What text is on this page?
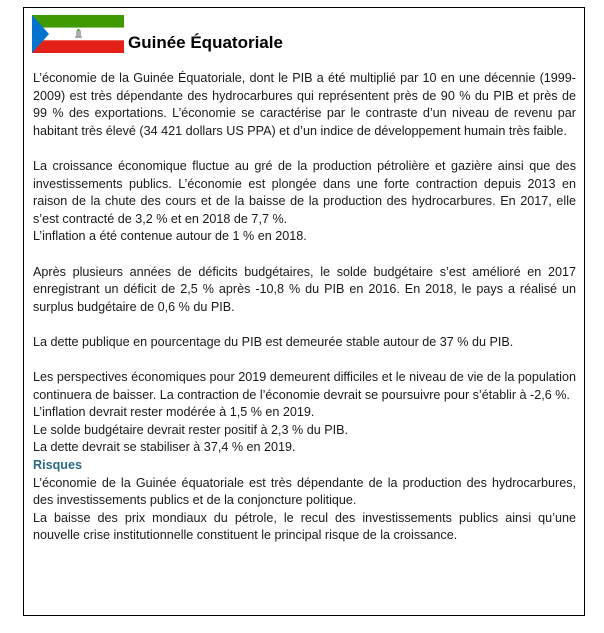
Guinée Équatoriale

L’économie de la Guinée Équatoriale, dont le PIB a été multiplié par 10 en une décennie (1999-2009) est très dépendante des hydrocarbures qui représentent près de 90 % du PIB et près de 99 % des exportations. L’économie se caractérise par le contraste d’un niveau de revenu par habitant très élevé (34 421 dollars US PPA) et d’un indice de développement humain très faible.

La croissance économique fluctue au gré de la production pétrolière et gazière ainsi que des investissements publics. L’économie est plongée dans une forte contraction depuis 2013 en raison de la chute des cours et de la baisse de la production des hydrocarbures. En 2017, elle s’est contracté de 3,2 % et en 2018 de 7,7 %.

L’inflation a été contenue autour de 1 % en 2018.

Après plusieurs années de déficits budgétaires, le solde budgétaire s’est amélioré en 2017 enregistrant un déficit de 2,5 % après -10,8 % du PIB en 2016. En 2018, le pays a réalisé un surplus budgétaire de 0,6 % du PIB.

La dette publique en pourcentage du PIB est demeurée stable autour de 37 % du PIB.

Les perspectives économiques pour 2019 demeurent difficiles et le niveau de vie de la population continuera de baisser. La contraction de l’économie devrait se poursuivre pour s’établir à -2,6 %.

L’inflation devrait rester modérée à 1,5 % en 2019.

Le solde budgétaire devrait rester positif à 2,3 % du PIB.

La dette devrait se stabiliser à 37,4 % en 2019.

Risques

L’économie de la Guinée équatoriale est très dépendante de la production des hydrocarbures, des investissements publics et de la conjoncture politique.

La baisse des prix mondiaux du pétrole, le recul des investissements publics ainsi qu’une nouvelle crise institutionnelle constituent le principal risque de la croissance.
